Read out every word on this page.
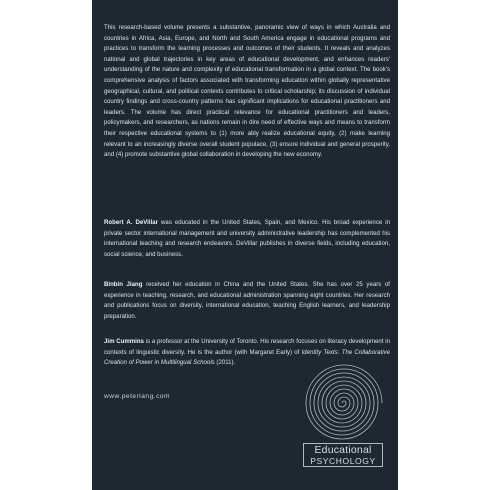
This research-based volume presents a substantive, panoramic view of ways in which Australia and countries in Africa, Asia, Europe, and North and South America engage in educational programs and practices to transform the learning processes and outcomes of their students. It reveals and analyzes national and global trajectories in key areas of educational development, and enhances readers' understanding of the nature and complexity of educational transformation in a global context. The book's comprehensive analysis of factors associated with transforming education within globally representative geographical, cultural, and political contexts contributes to critical scholarship; its discussion of individual country findings and cross-country patterns has significant implications for educational practitioners and leaders. The volume has direct practical relevance for educational practitioners and leaders, policymakers, and researchers, as nations remain in dire need of effective ways and means to transform their respective educational systems to (1) more ably realize educational equity, (2) make learning relevant to an increasingly diverse overall student populace, (3) ensure individual and general prosperity, and (4) promote substantive global collaboration in developing the new economy.

Robert A. DeVillar was educated in the United States, Spain, and Mexico. His broad experience in private sector international management and university administrative leadership has complemented his international teaching and research endeavors. DeVillar publishes in diverse fields, including education, social science, and business.

Binbin Jiang received her education in China and the United States. She has over 25 years of experience in teaching, research, and educational administration spanning eight countries. Her research and publications focus on diversity, international education, teaching English learners, and leadership preparation.

Jim Cummins is a professor at the University of Toronto. His research focuses on literacy development in contexts of linguistic diversity. He is the author (with Margaret Early) of Identity Texts: The Collaborative Creation of Power in Multilingual Schools (2011).

www.peterlang.com
Educational
PSYCHOLOGY
